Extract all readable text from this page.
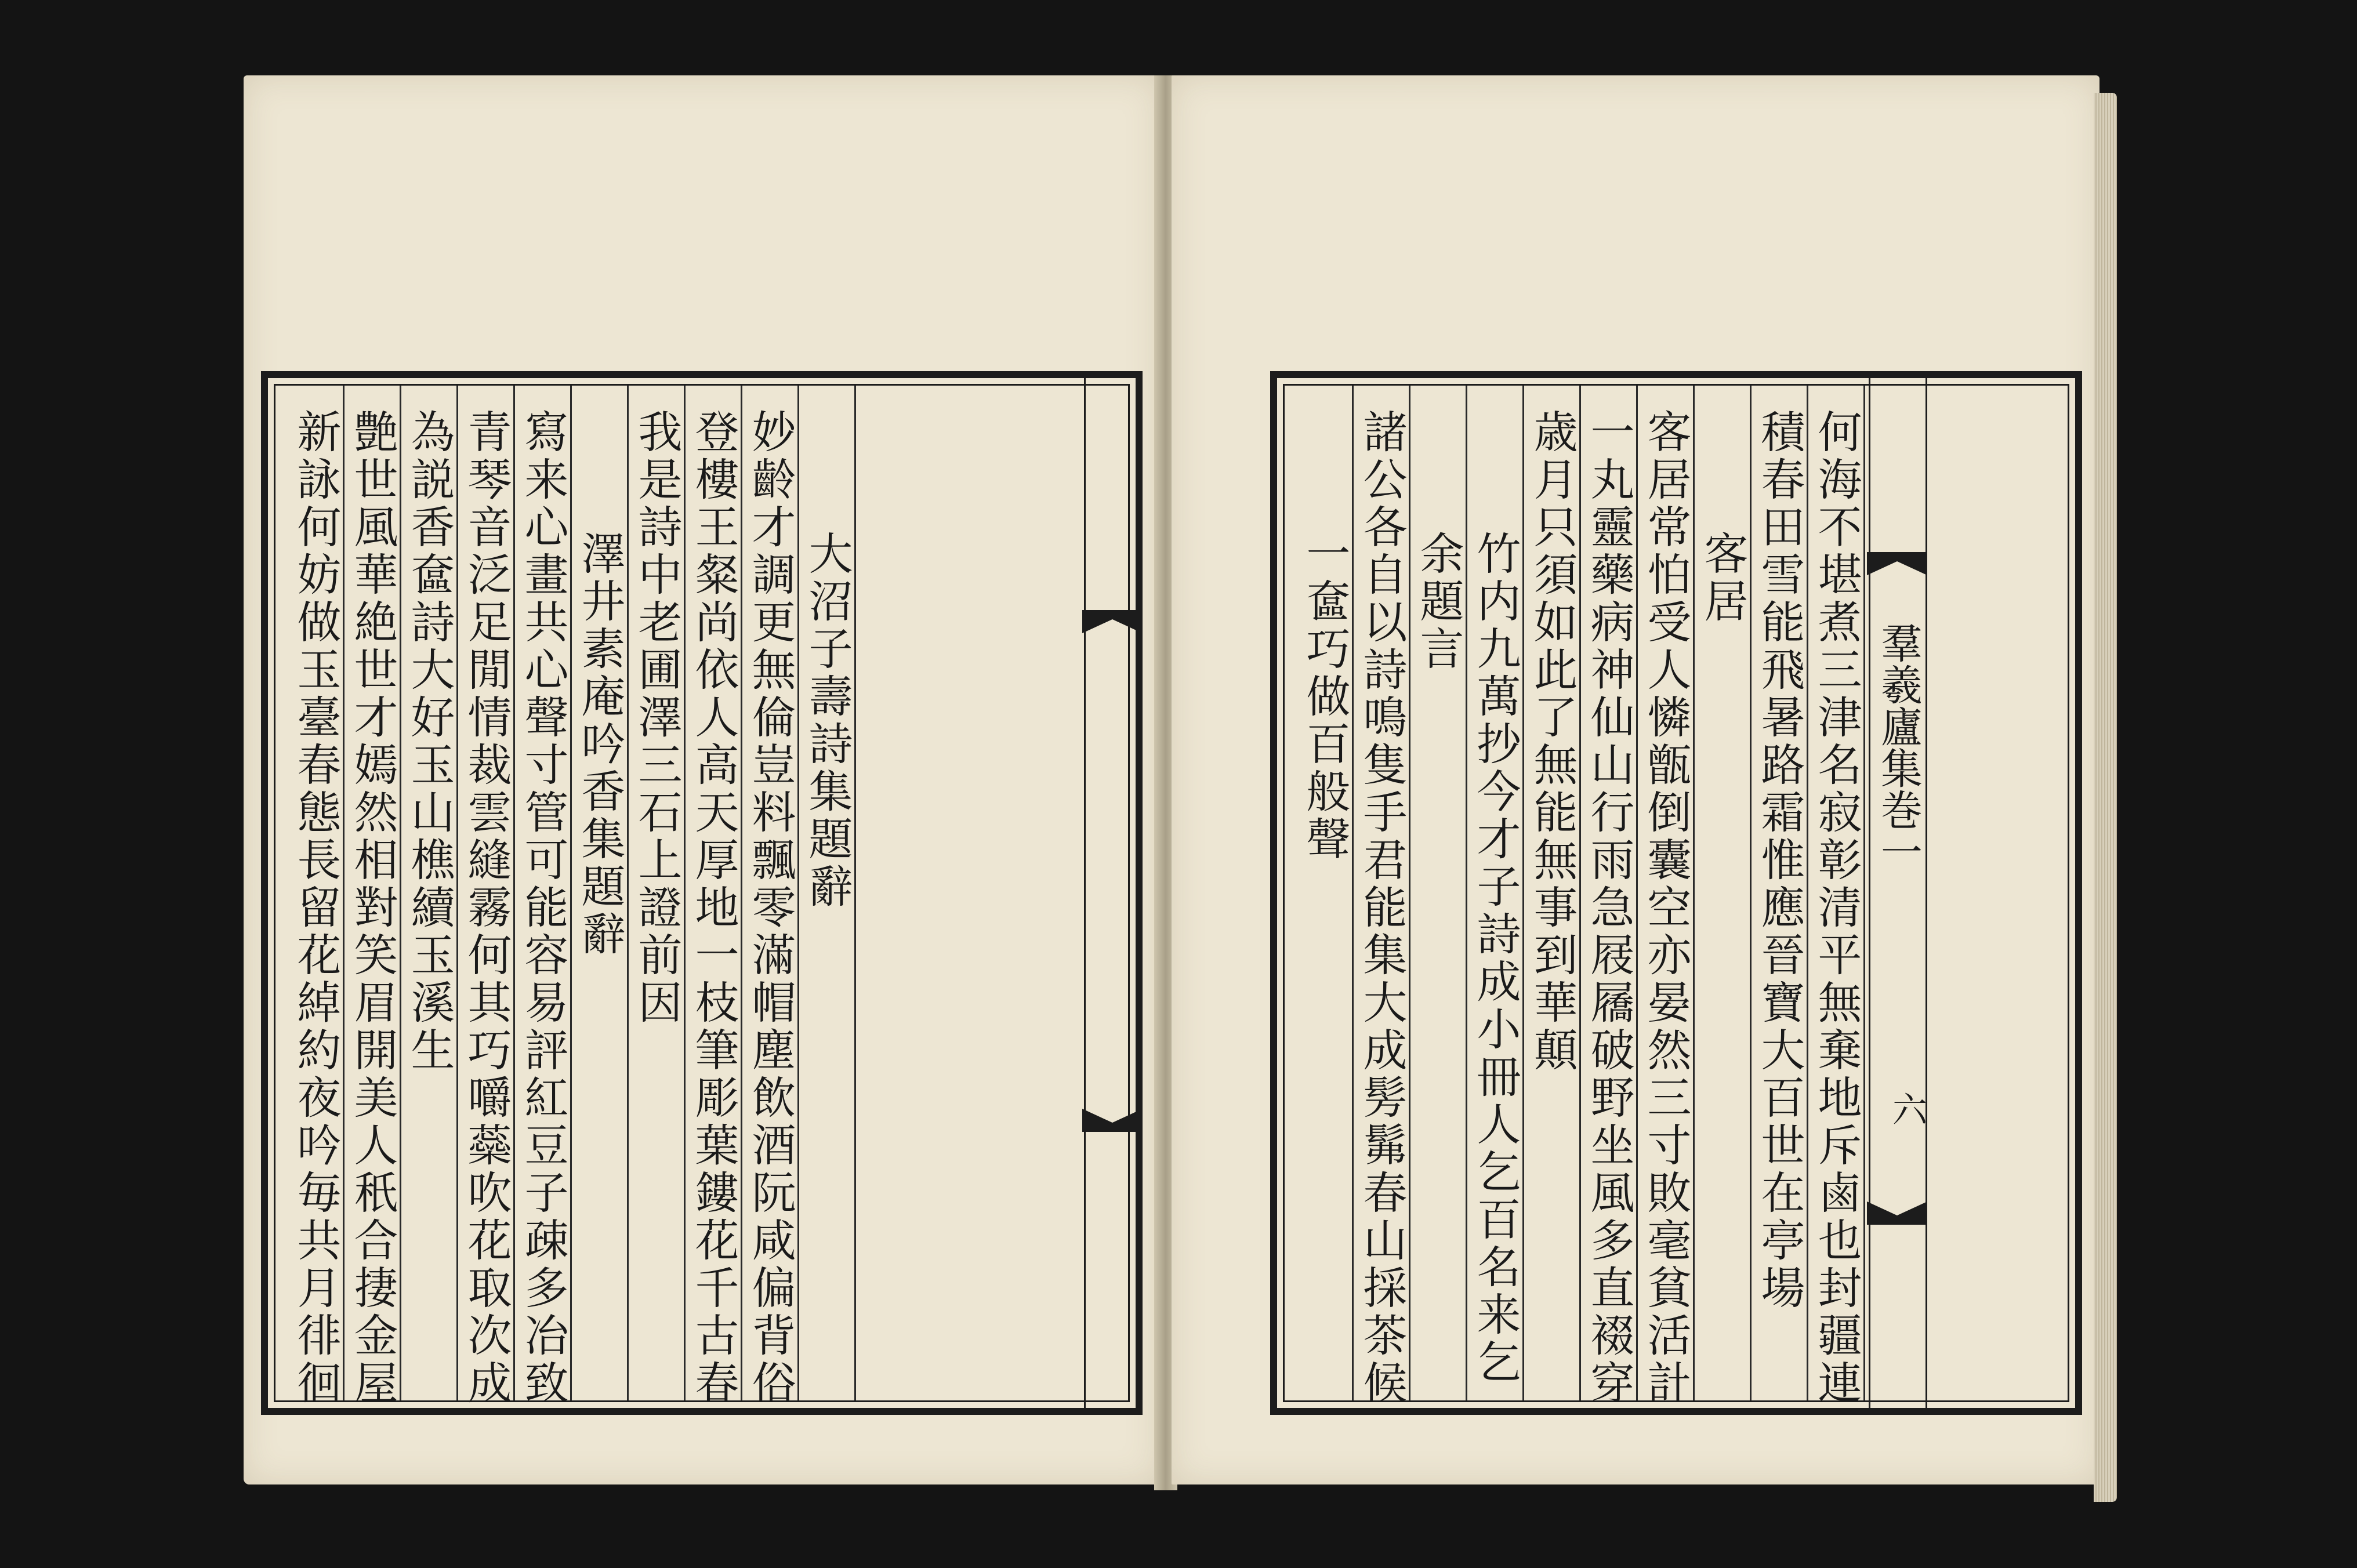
新詠何妨做玉臺春態長留花綽約夜吟毎共月徘徊 艶世風華絶世才嫣然相對笑眉開美人秖合捿金屋 為説香奩詩大好玉山樵續玉溪生 青琴音泛足閒情裁雲縫霧何其巧嚼蘂吹花取次成 寫来心畫共心聲寸管可能容易評紅豆子疎多冶致 澤井素庵吟香集題辭 我是詩中老圃澤三石上證前因 登樓王粲尚依人高天厚地一枝筆彫葉鏤花千古春 妙齡才調更無倫豈料飄零滿帽塵飲酒阮咸偏背俗 大沼子壽詩集題辭
	一奩巧做百般聲 諸公各自以詩鳴隻手君能集大成髣髴春山採茶候 余題言 竹内九萬抄今才子詩成小冊人乞百名来乞 歳月只須如此了無能無事到華顛 一丸靈藥病神仙山行雨急屐屩破野坐風多直裰穿 客居常怕受人憐甑倒囊空亦晏然三寸敗毫貧活計 客居 積春田雪能飛暑路霜惟應晉寶大百世在亭場 何海不堪煮三津名寂彰清平無棄地斥鹵也封疆連 羣羲廬集巻一
六
